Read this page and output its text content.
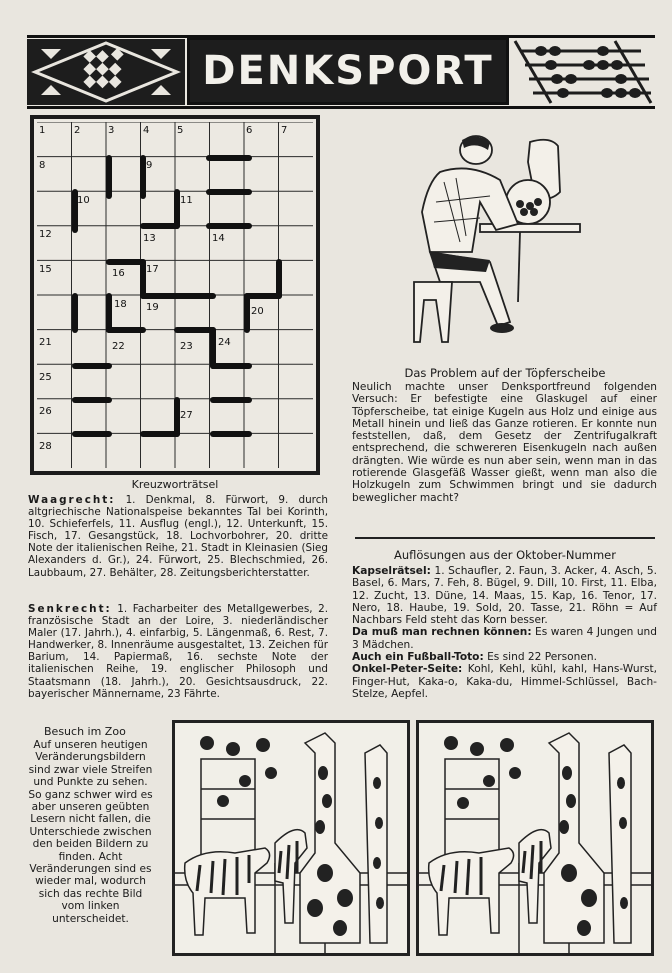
DENKSPORT
1	2	3	4	5	6	7
8	9
10	11
12	13	14
15	16 17
18 19	20
21	22	23	24
25
26	27
28
Kreuzworträtsel
Waagrecht: 1. Denkmal, 8. Fürwort, 9. durch altgriechische Nationalspeise bekanntes Tal bei Korinth, 10. Schieferfels, 11. Ausflug (engl.), 12. Unterkunft, 15. Fisch, 17. Gesangstück, 18. Lochvorbohrer, 20. dritte Note der italienischen Reihe, 21. Stadt in Kleinasien (Sieg Alexanders d. Gr.), 24. Fürwort, 25. Blechschmied, 26. Laubbaum, 27. Behälter, 28. Zeitungsberichterstatter.
Senkrecht: 1. Facharbeiter des Metallgewerbes, 2. französische Stadt an der Loire, 3. niederländischer Maler (17. Jahrh.), 4. einfarbig, 5. Längenmaß, 6. Rest, 7. Handwerker, 8. Innenräume ausgestaltet, 13. Zeichen für Barium, 14. Papiermaß, 16. sechste Note der italienischen Reihe, 19. englischer Philosoph und Staatsmann (18. Jahrh.), 20. Gesichtsausdruck, 22. bayerischer Männername, 23 Fährte.
Besuch im Zoo
Auf unseren heutigen Veränderungsbildern sind zwar viele Streifen und Punkte zu sehen. So ganz schwer wird es aber unseren geübten Lesern nicht fallen, die Unterschiede zwischen den beiden Bildern zu finden. Acht Veränderungen sind es wieder mal, wodurch sich das rechte Bild vom linken unterscheidet.
Das Problem auf der Töpferscheibe
Neulich machte unser Denksportfreund folgenden Versuch: Er befestigte eine Glaskugel auf einer Töpferscheibe, tat einige Kugeln aus Holz und einige aus Metall hinein und ließ das Ganze rotieren. Er konnte nun feststellen, daß, dem Gesetz der Zentrifugalkraft entsprechend, die schwereren Eisenkugeln nach außen drängten. Wie würde es nun aber sein, wenn man in das rotierende Glasgefäß Wasser gießt, wenn man also die Holzkugeln zum Schwimmen bringt und sie dadurch beweglicher macht?
Auflösungen aus der Oktober-Nummer

Kapselrätsel: 1. Schaufler, 2. Faun, 3. Acker, 4. Asch, 5. Basel, 6. Mars, 7. Feh, 8. Bügel, 9. Dill, 10. First, 11. Elba, 12. Zucht, 13. Düne, 14. Maas, 15. Kap, 16. Tenor, 17. Nero, 18. Haube, 19. Sold, 20. Tasse, 21. Röhn = Auf Nachbars Feld steht das Korn besser.

Da muß man rechnen können: Es waren 4 Jungen und 3 Mädchen.

Auch ein Fußball-Toto: Es sind 22 Personen.

Onkel-Peter-Seite: Kohl, Kehl, kühl, kahl, Hans-Wurst, Finger-Hut, Kaka-o, Kaka-du, Himmel-Schlüssel, Bach-Stelze, Aepfel.
